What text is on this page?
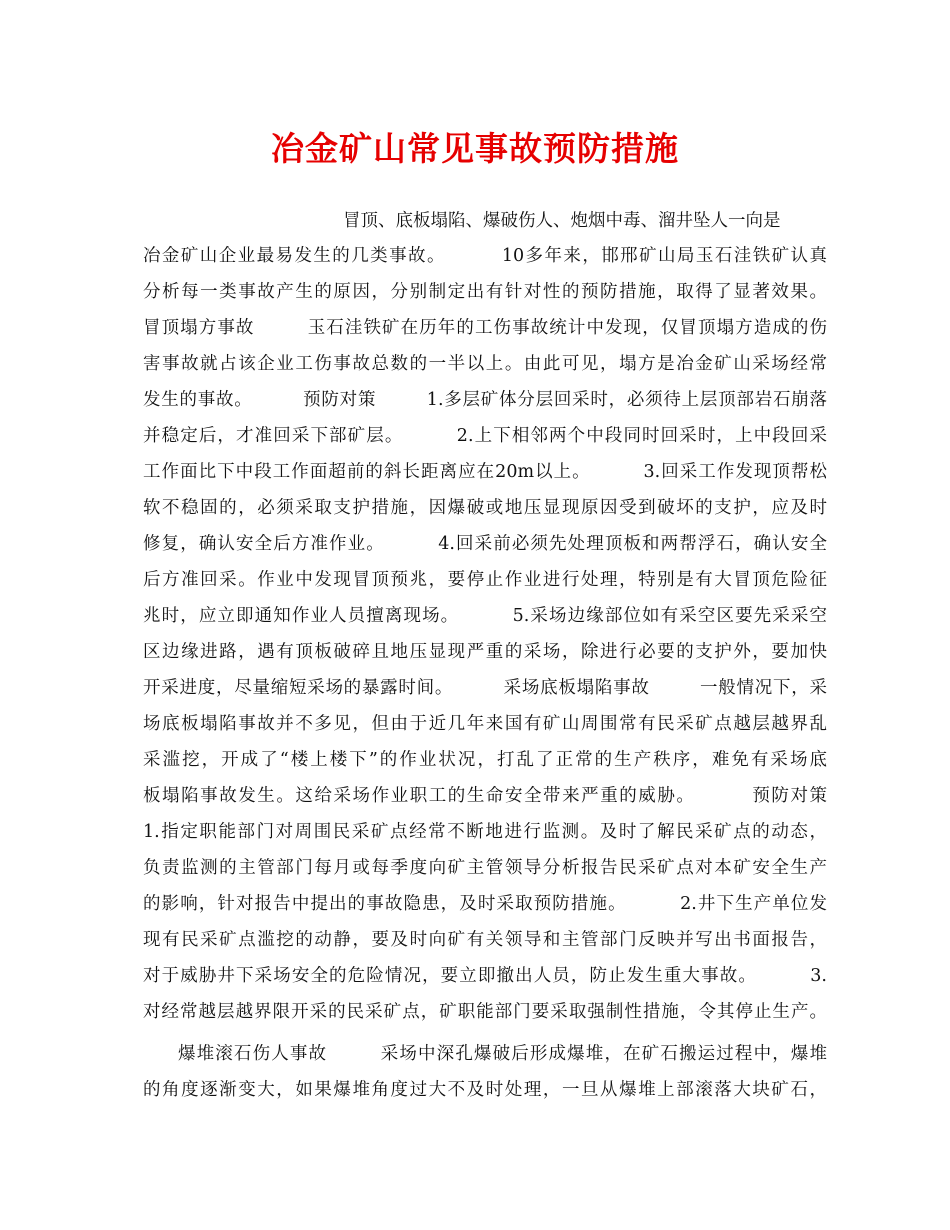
冶金矿山常见事故预防措施
冒顶、底板塌陷、爆破伤人、炮烟中毒、溜井坠人一向是
冶金矿山企业最易发生的几类事故。        10多年来，邯邢矿山局玉石洼铁矿认真
分析每一类事故产生的原因，分别制定出有针对性的预防措施，取得了显著效果。
冒顶塌方事故        玉石洼铁矿在历年的工伤事故统计中发现，仅冒顶塌方造成的伤
害事故就占该企业工伤事故总数的一半以上。由此可见，塌方是冶金矿山采场经常
发生的事故。        预防对策        1.多层矿体分层回采时，必须待上层顶部岩石崩落
并稳定后，才准回采下部矿层。        2.上下相邻两个中段同时回采时，上中段回采
工作面比下中段工作面超前的斜长距离应在20m以上。        3.回采工作发现顶帮松
软不稳固的，必须采取支护措施，因爆破或地压显现原因受到破坏的支护，应及时
修复，确认安全后方准作业。        4.回采前必须先处理顶板和两帮浮石，确认安全
后方准回采。作业中发现冒顶预兆，要停止作业进行处理，特别是有大冒顶危险征
兆时，应立即通知作业人员擅离现场。        5.采场边缘部位如有采空区要先采采空
区边缘进路，遇有顶板破碎且地压显现严重的采场，除进行必要的支护外，要加快
开采进度，尽量缩短采场的暴露时间。        采场底板塌陷事故        一般情况下，采
场底板塌陷事故并不多见，但由于近几年来国有矿山周围常有民采矿点越层越界乱
采滥挖，开成了“楼上楼下”的作业状况，打乱了正常的生产秩序，难免有采场底
板塌陷事故发生。这给采场作业职工的生命安全带来严重的威胁。        预防对策
1.指定职能部门对周围民采矿点经常不断地进行监测。及时了解民采矿点的动态，
负责监测的主管部门每月或每季度向矿主管领导分析报告民采矿点对本矿安全生产
的影响，针对报告中提出的事故隐患，及时采取预防措施。        2.井下生产单位发
现有民采矿点滥挖的动静，要及时向矿有关领导和主管部门反映并写出书面报告，
对于威胁井下采场安全的危险情况，要立即撤出人员，防止发生重大事故。        3.
对经常越层越界限开采的民采矿点，矿职能部门要采取强制性措施，令其停止生产。
爆堆滚石伤人事故        采场中深孔爆破后形成爆堆，在矿石搬运过程中，爆堆
的角度逐渐变大，如果爆堆角度过大不及时处理，一旦从爆堆上部滚落大块矿石，
